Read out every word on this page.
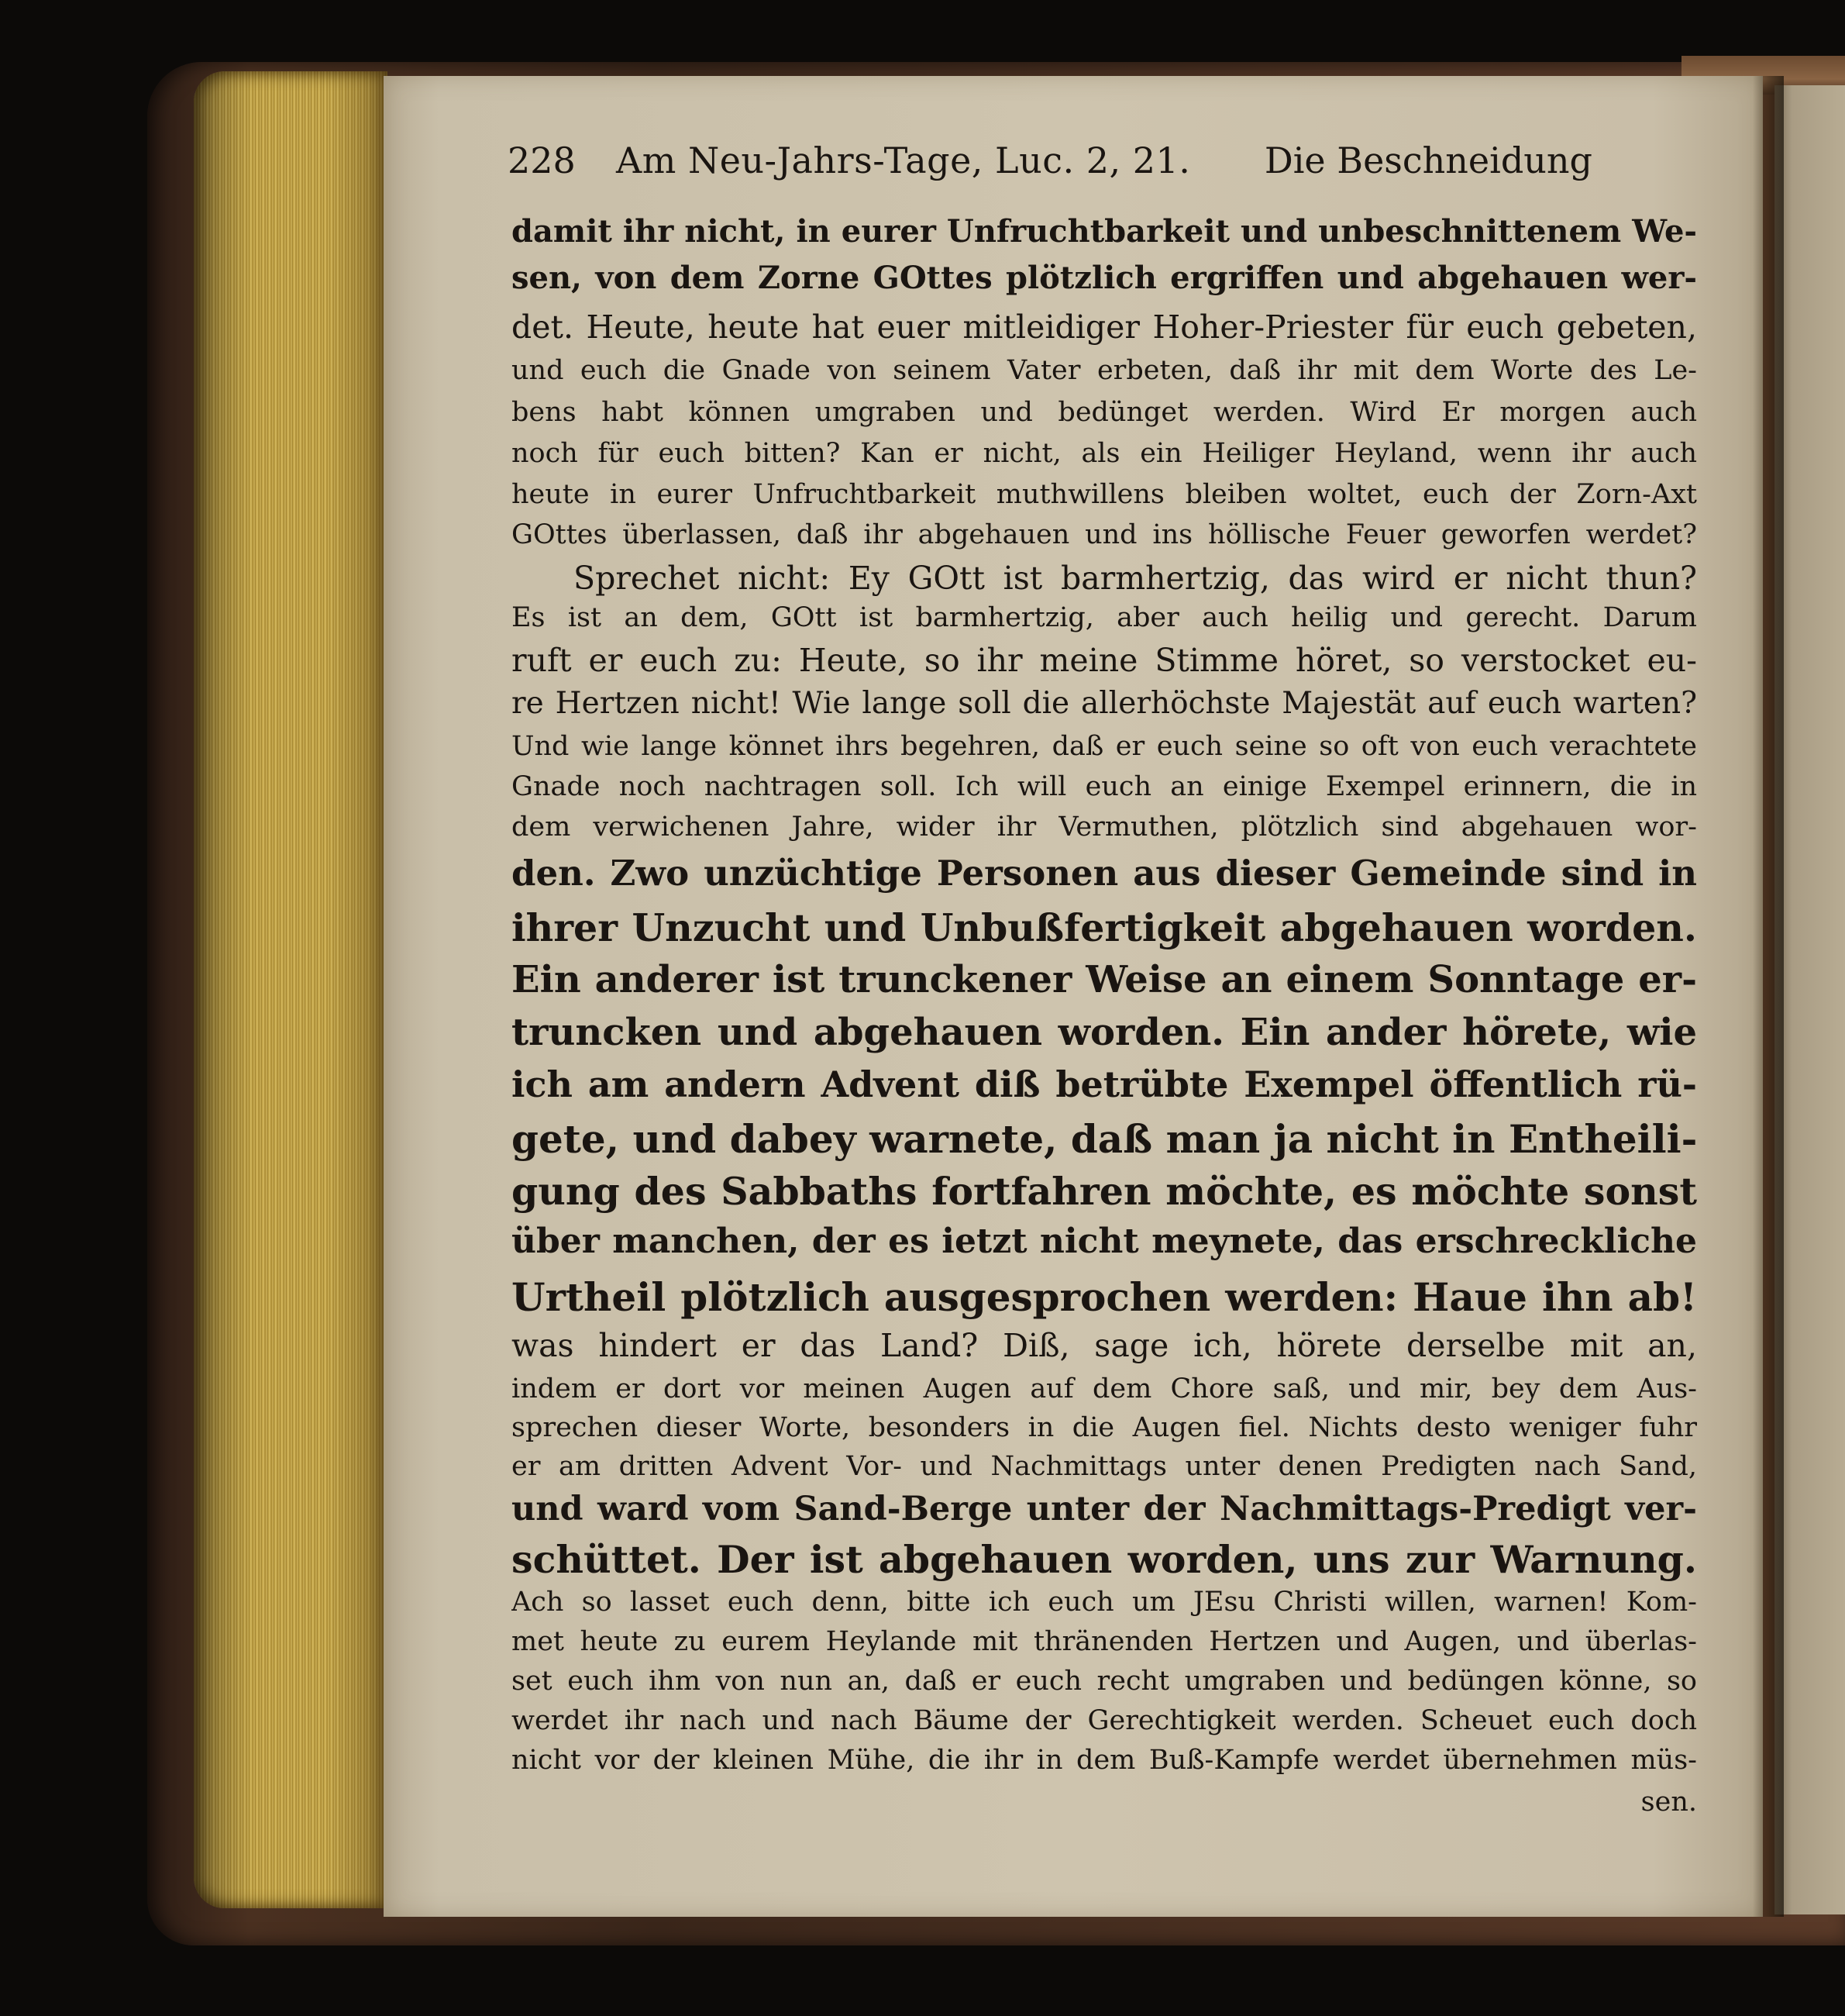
228 Am Neu-Jahrs-Tage, Luc. 2, 21. Die Beschneidung
damit ihr nicht, in eurer Unfruchtbarkeit und unbeschnittenem We-
sen, von dem Zorne GOttes plötzlich ergriffen und abgehauen wer-
det. Heute, heute hat euer mitleidiger Hoher-Priester für euch gebeten,
und euch die Gnade von seinem Vater erbeten, daß ihr mit dem Worte des Le-
bens habt können umgraben und bedünget werden. Wird Er morgen auch
noch für euch bitten? Kan er nicht, als ein Heiliger Heyland, wenn ihr auch
heute in eurer Unfruchtbarkeit muthwillens bleiben woltet, euch der Zorn-Axt
GOttes überlassen, daß ihr abgehauen und ins höllische Feuer geworfen werdet?
Sprechet nicht: Ey GOtt ist barmhertzig, das wird er nicht thun?
Es ist an dem, GOtt ist barmhertzig, aber auch heilig und gerecht. Darum
ruft er euch zu: Heute, so ihr meine Stimme höret, so verstocket eu-
re Hertzen nicht! Wie lange soll die allerhöchste Majestät auf euch warten?
Und wie lange könnet ihrs begehren, daß er euch seine so oft von euch verachtete
Gnade noch nachtragen soll. Ich will euch an einige Exempel erinnern, die in
dem verwichenen Jahre, wider ihr Vermuthen, plötzlich sind abgehauen wor-
den. Zwo unzüchtige Personen aus dieser Gemeinde sind in
ihrer Unzucht und Unbußfertigkeit abgehauen worden.
Ein anderer ist trunckener Weise an einem Sonntage er-
truncken und abgehauen worden. Ein ander hörete, wie
ich am andern Advent diß betrübte Exempel öffentlich rü-
gete, und dabey warnete, daß man ja nicht in Entheili-
gung des Sabbaths fortfahren möchte, es möchte sonst
über manchen, der es ietzt nicht meynete, das erschreckliche
Urtheil plötzlich ausgesprochen werden: Haue ihn ab!
was hindert er das Land? Diß, sage ich, hörete derselbe mit an,
indem er dort vor meinen Augen auf dem Chore saß, und mir, bey dem Aus-
sprechen dieser Worte, besonders in die Augen fiel. Nichts desto weniger fuhr
er am dritten Advent Vor- und Nachmittags unter denen Predigten nach Sand,
und ward vom Sand-Berge unter der Nachmittags-Predigt ver-
schüttet. Der ist abgehauen worden, uns zur Warnung.
Ach so lasset euch denn, bitte ich euch um JEsu Christi willen, warnen! Kom-
met heute zu eurem Heylande mit thränenden Hertzen und Augen, und überlas-
set euch ihm von nun an, daß er euch recht umgraben und bedüngen könne, so
werdet ihr nach und nach Bäume der Gerechtigkeit werden. Scheuet euch doch
nicht vor der kleinen Mühe, die ihr in dem Buß-Kampfe werdet übernehmen müs-
sen.
